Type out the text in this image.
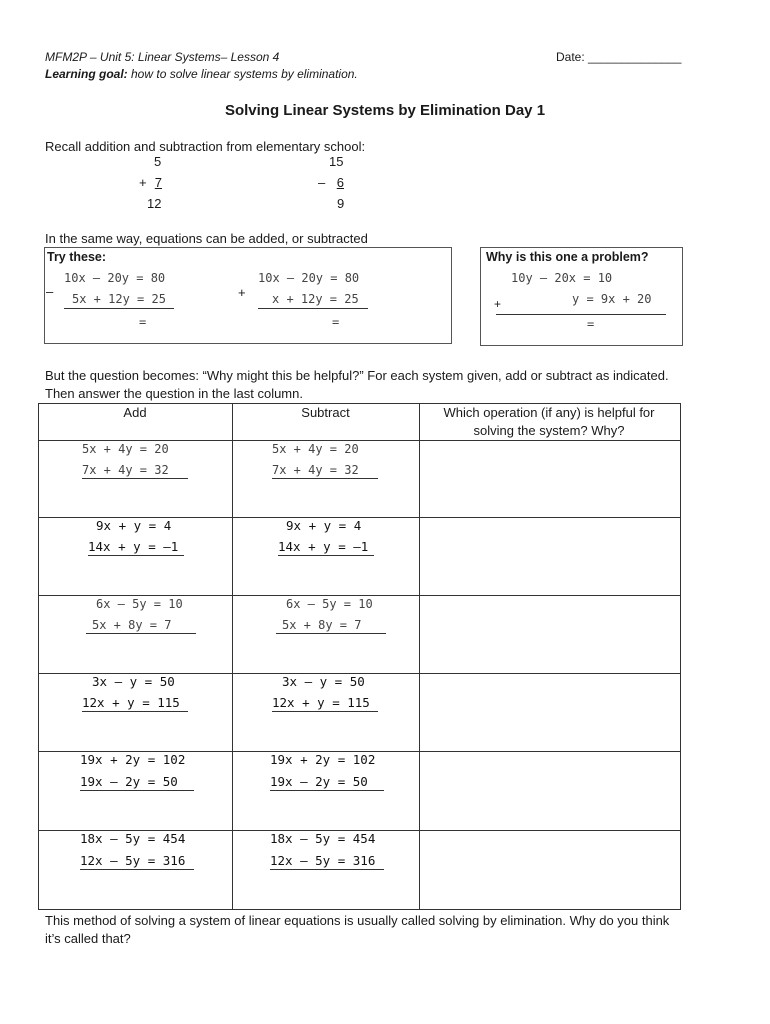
MFM2P – Unit 5: Linear Systems– Lesson 4
Learning goal: how to solve linear systems by elimination.
Date: ______________
Solving Linear Systems by Elimination Day 1
Recall addition and subtraction from elementary school:
5
+ 7
12
15
– 6
9
In the same way, equations can be added, or subtracted
Try these:
10x – 20y = 80
– 5x + 12y = 25
=
10x – 20y = 80
+ x + 12y = 25
=
Why is this one a problem?
10y – 20x = 10
+	y = 9x + 20
=
But the question becomes: “Why might this be helpful?” For each system given, add or subtract as indicated.
Then answer the question in the last column.
Add	Subtract	Which operation (if any) is helpful for
solving the system? Why?
5x + 4y = 20
7x + 4y = 32
5x + 4y = 20
7x + 4y = 32
9x + y = 4
14x + y = –1
9x + y = 4
14x + y = –1
6x – 5y = 10
5x + 8y = 7
6x – 5y = 10
5x + 8y = 7
3x – y = 50
12x + y = 115
3x – y = 50
12x + y = 115
19x + 2y = 102
19x – 2y = 50
19x + 2y = 102
19x – 2y = 50
18x – 5y = 454
12x – 5y = 316
18x – 5y = 454
12x – 5y = 316
This method of solving a system of linear equations is usually called solving by elimination. Why do you think
it’s called that?
